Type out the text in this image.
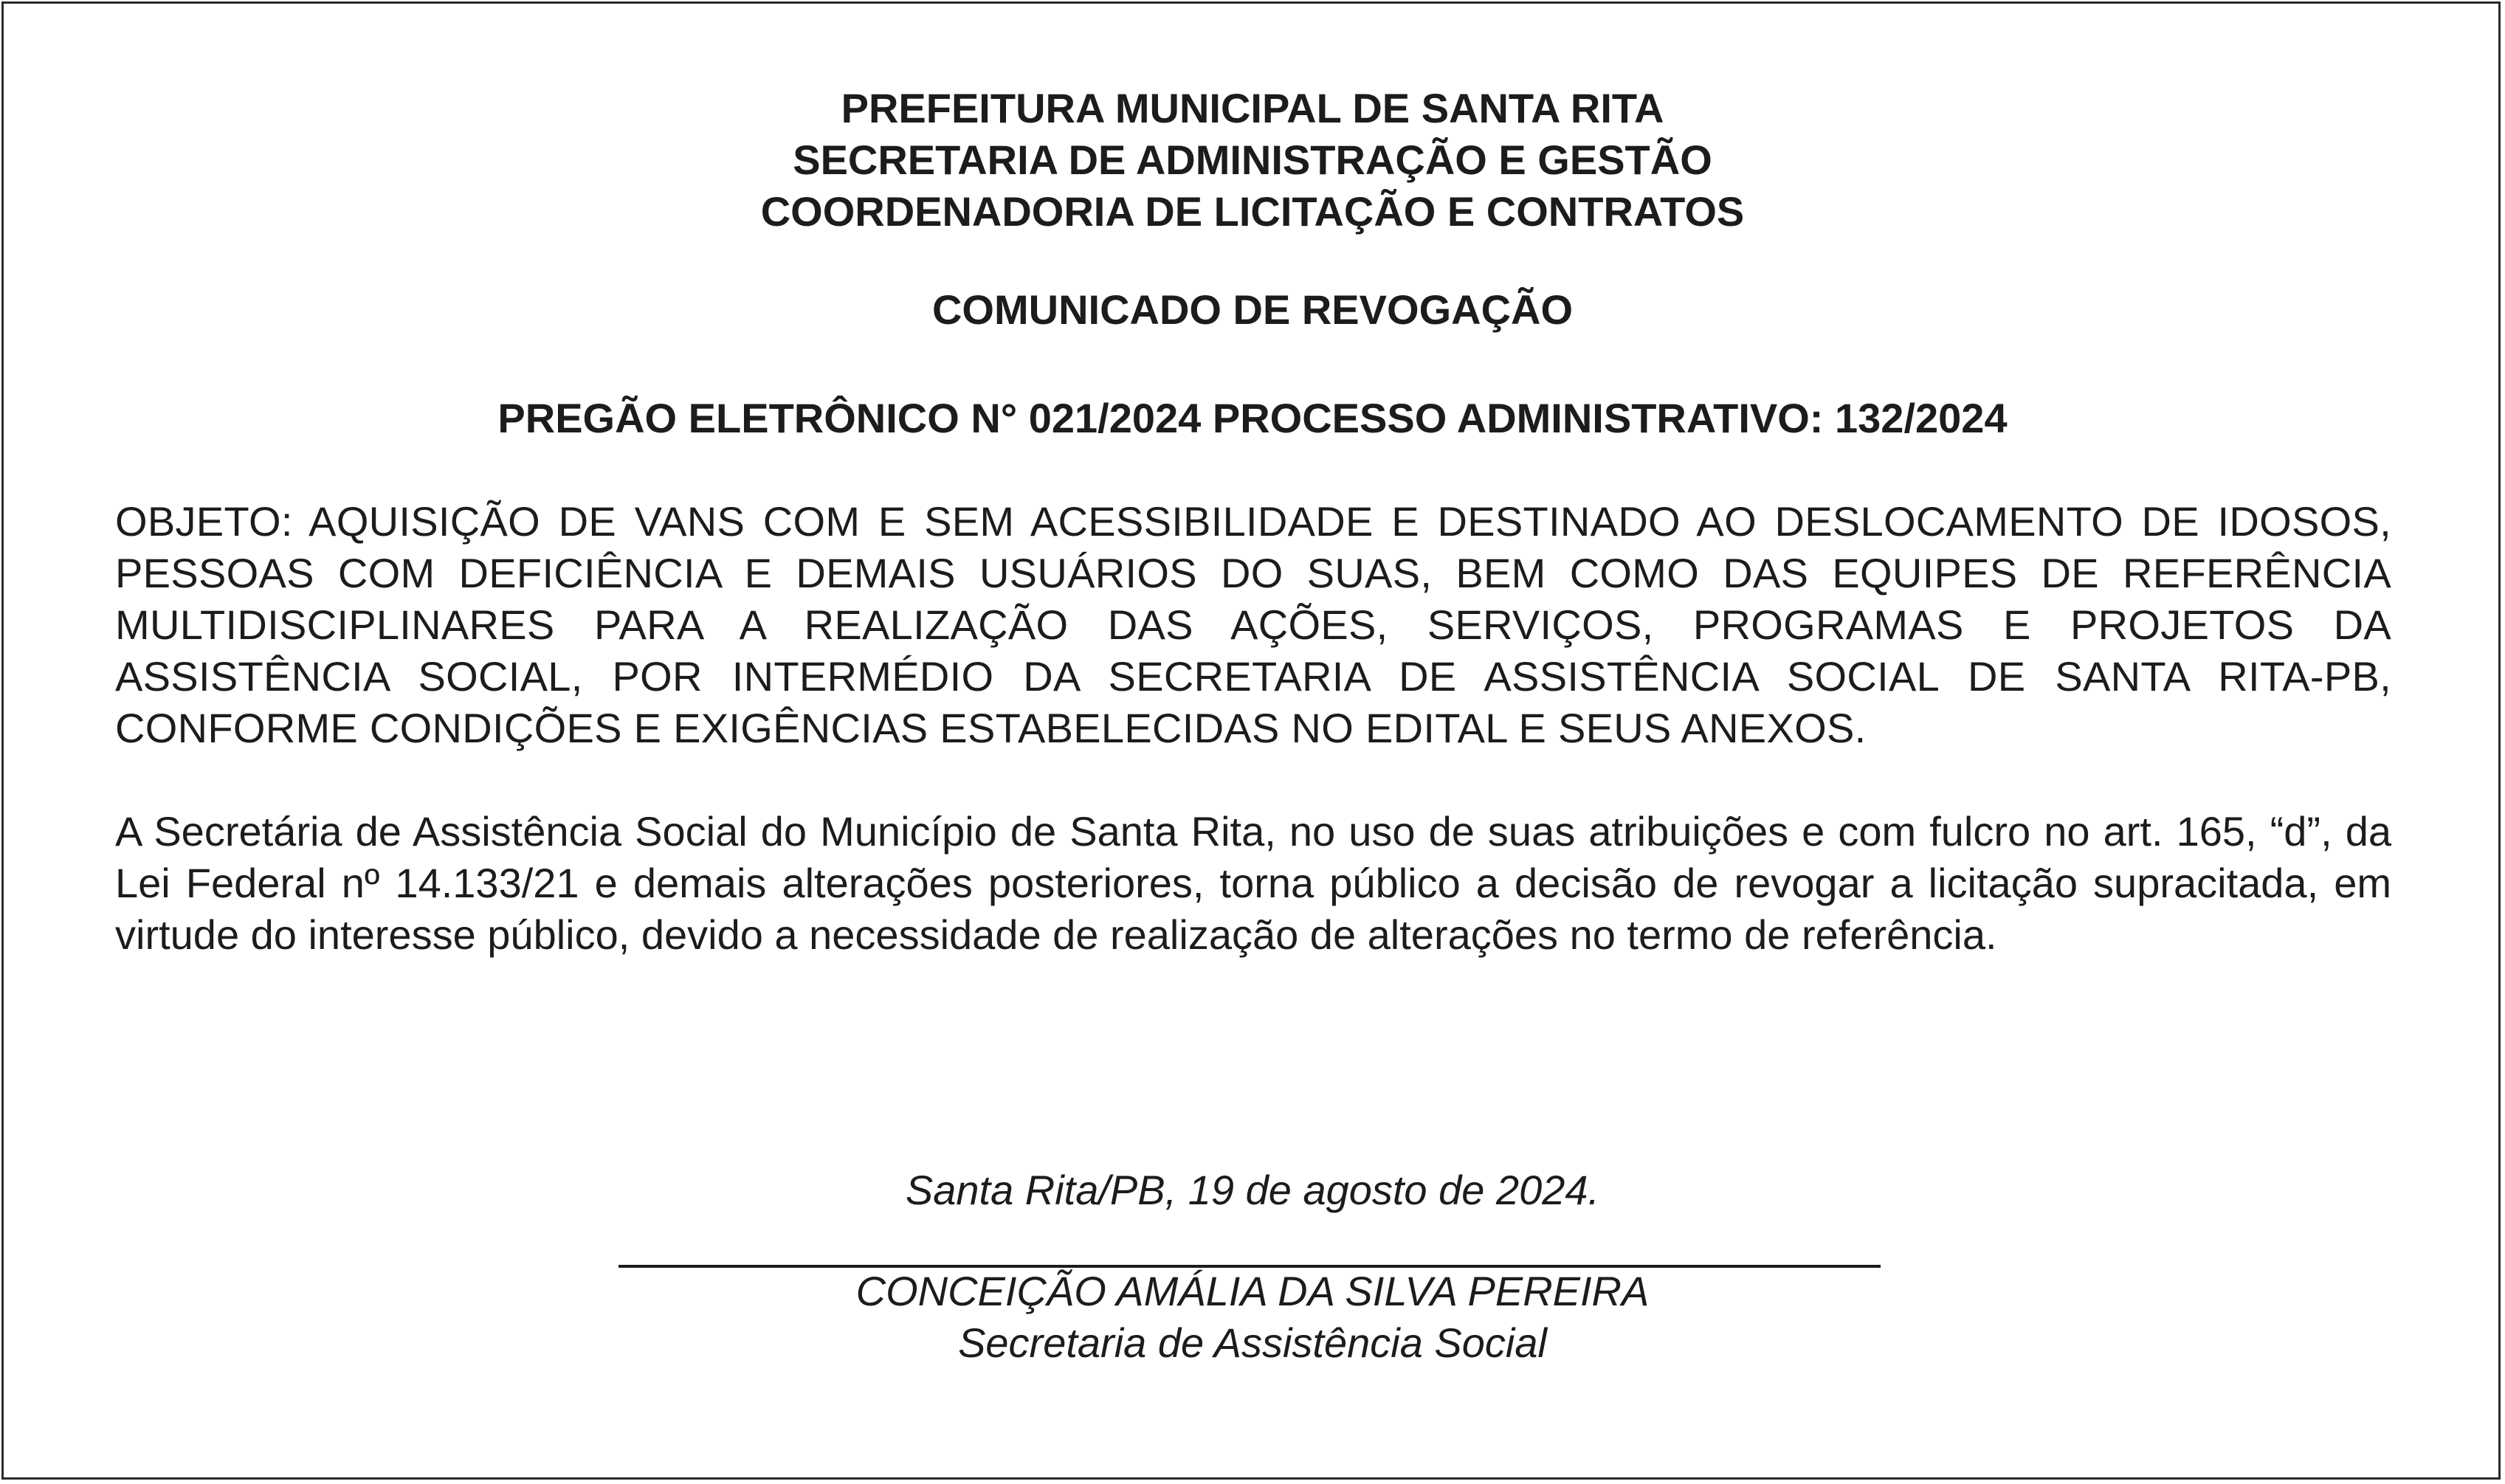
PREFEITURA MUNICIPAL DE SANTA RITA
SECRETARIA DE ADMINISTRAÇÃO E GESTÃO
COORDENADORIA DE LICITAÇÃO E CONTRATOS
COMUNICADO DE REVOGAÇÃO
PREGÃO ELETRÔNICO N° 021/2024 PROCESSO ADMINISTRATIVO: 132/2024
OBJETO: AQUISIÇÃO DE VANS COM E SEM ACESSIBILIDADE E DESTINADO AO DESLOCAMENTO DE IDOSOS, PESSOAS COM DEFICIÊNCIA E DEMAIS USUÁRIOS DO SUAS, BEM COMO DAS EQUIPES DE REFERÊNCIA MULTIDISCIPLINARES PARA A REALIZAÇÃO DAS AÇÕES, SERVIÇOS, PROGRAMAS E PROJETOS DA ASSISTÊNCIA SOCIAL, POR INTERMÉDIO DA SECRETARIA DE ASSISTÊNCIA SOCIAL DE SANTA RITA-PB, CONFORME CONDIÇÕES E EXIGÊNCIAS ESTABELECIDAS NO EDITAL E SEUS ANEXOS.
A Secretária de Assistência Social do Município de Santa Rita, no uso de suas atribuições e com fulcro no art. 165, “d”, da Lei Federal nº 14.133/21 e demais alterações posteriores, torna público a decisão de revogar a licitação supracitada, em virtude do interesse público, devido a necessidade de realização de alterações no termo de referência.
Santa Rita/PB, 19 de agosto de 2024.
CONCEIÇÃO AMÁLIA DA SILVA PEREIRA
Secretaria de Assistência Social
